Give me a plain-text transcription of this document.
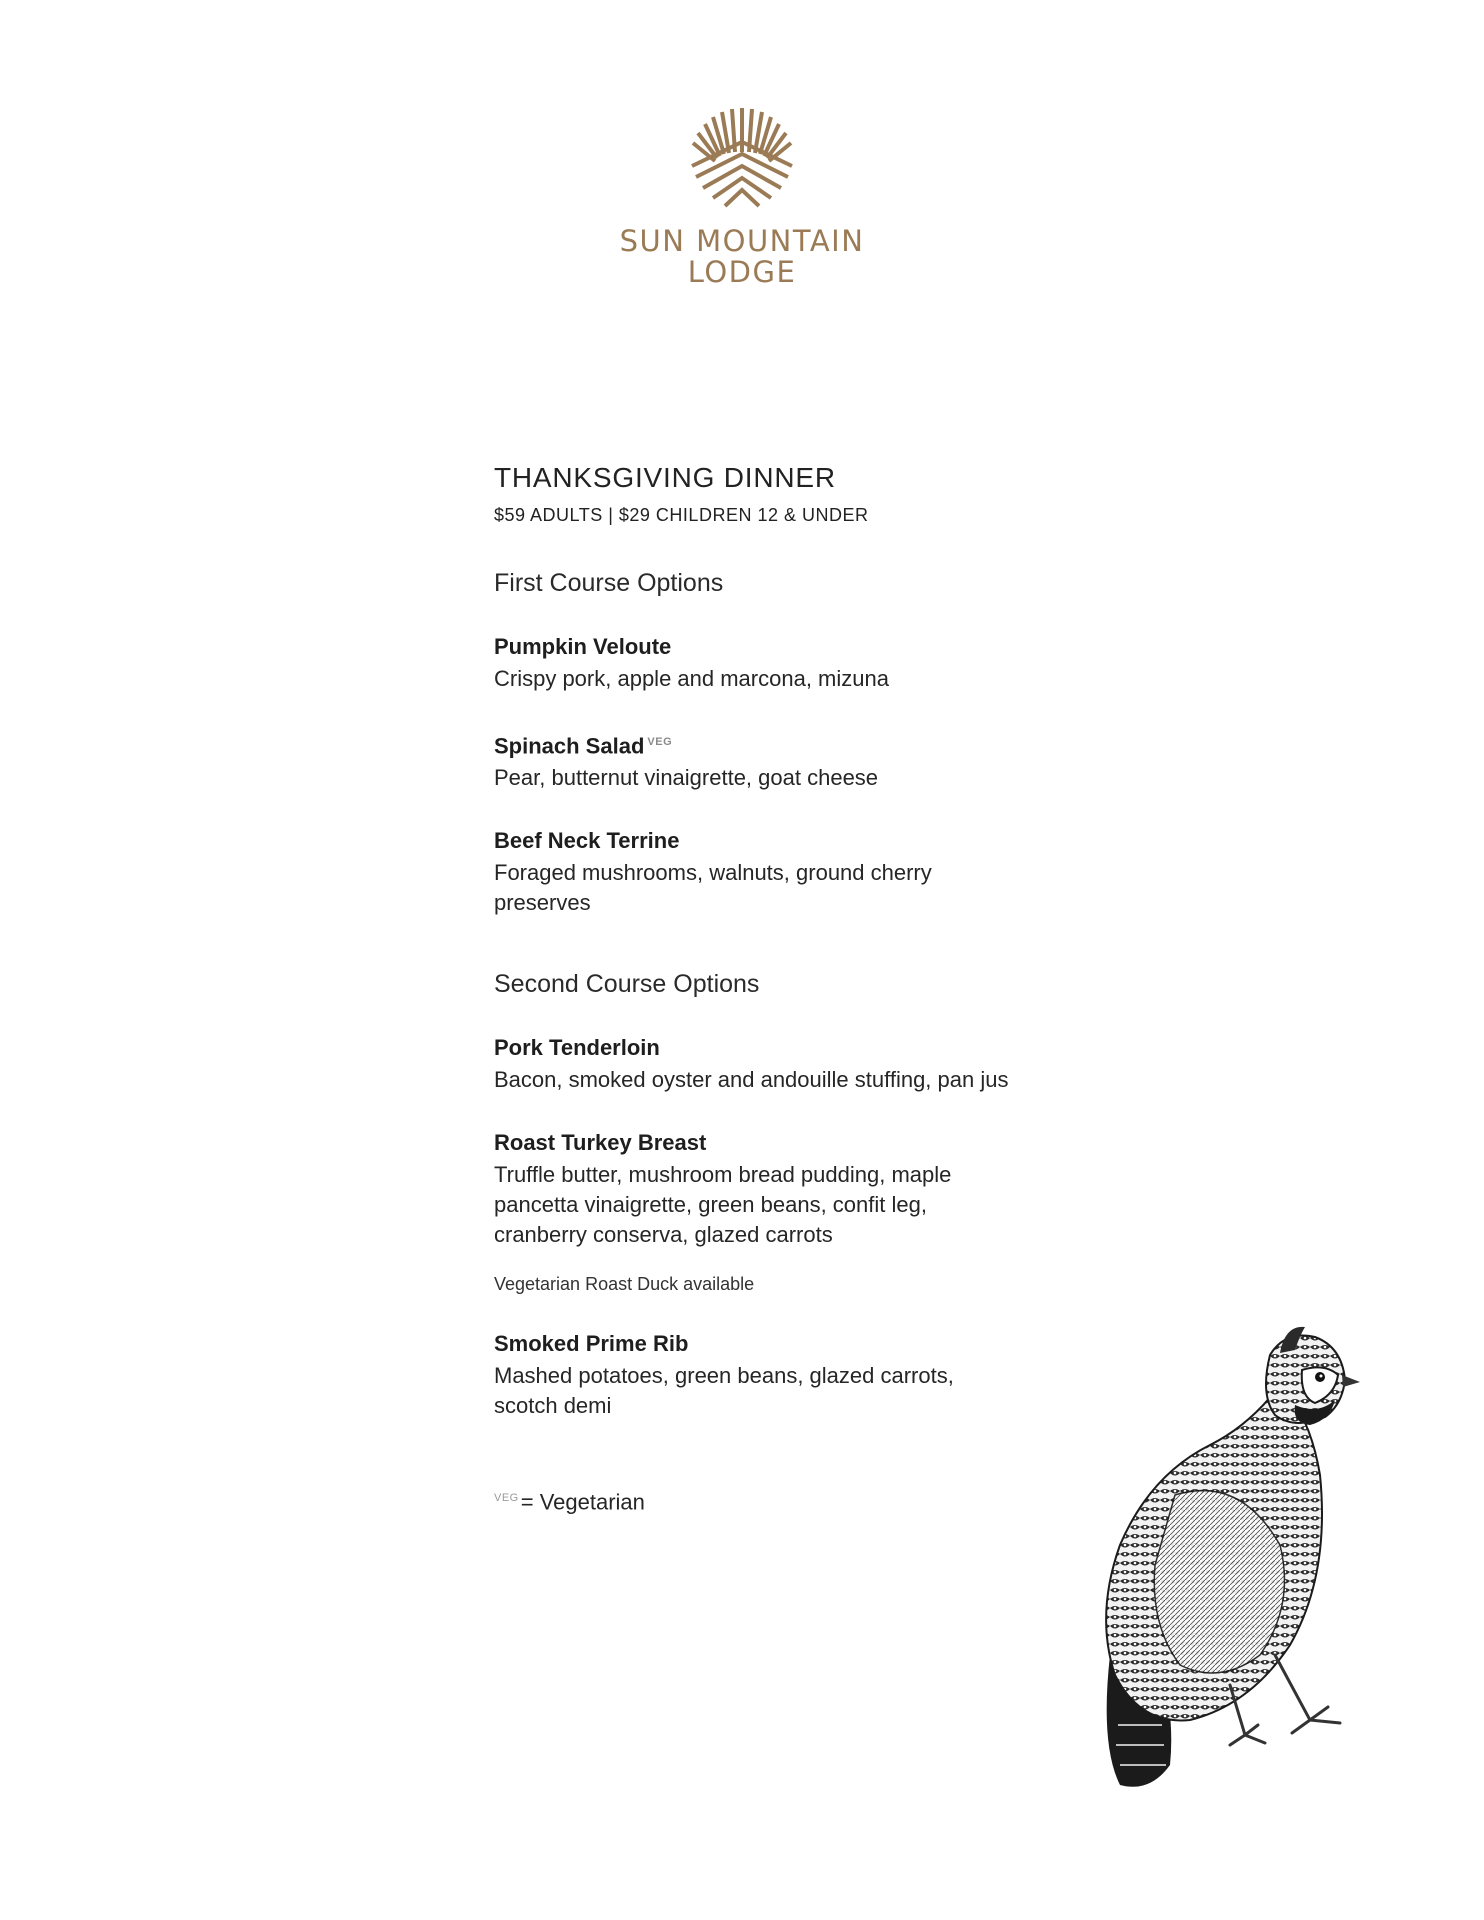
SUN MOUNTAIN
LODGE
THANKSGIVING DINNER
$59 ADULTS | $29 CHILDREN 12 & UNDER
First Course Options
Pumpkin Veloute
Crispy pork, apple and marcona, mizuna
Spinach Salad $^{VEG}$
Pear, butternut vinaigrette, goat cheese
Beef Neck Terrine
Foraged mushrooms, walnuts, ground cherry preserves
Second Course Options
Pork Tenderloin
Bacon, smoked oyster and andouille stuffing, pan jus
Roast Turkey Breast
Truffle butter, mushroom bread pudding, maple pancetta vinaigrette, green beans, confit leg, cranberry conserva, glazed carrots
Vegetarian Roast Duck available
Smoked Prime Rib
Mashed potatoes, green beans, glazed carrots, scotch demi
$^{VEG}$= Vegetarian
